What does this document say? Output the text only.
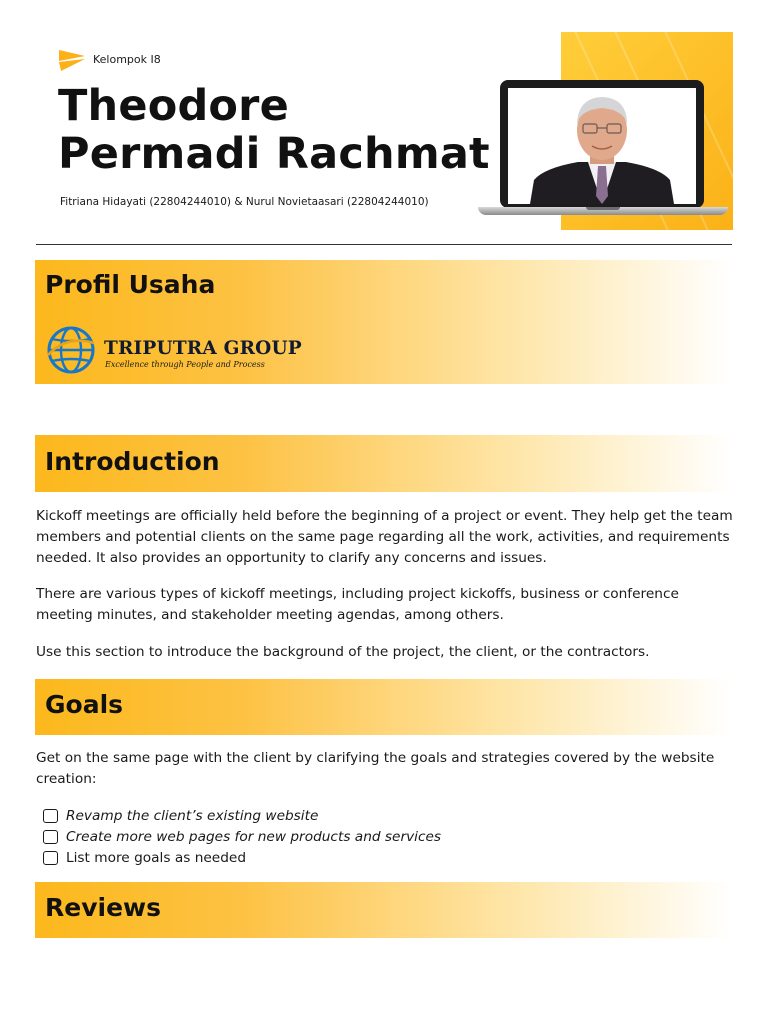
Kelompok I8
Theodore
Permadi Rachmat
Fitriana Hidayati (22804244010) & Nurul Novietaasari (22804244010)
Profil Usaha
TRIPUTRA GROUP
Excellence through People and Process
Introduction

Kickoff meetings are officially held before the beginning of a project or event. They help get the team members and potential clients on the same page regarding all the work, activities, and requirements needed. It also provides an opportunity to clarify any concerns and issues.

There are various types of kickoff meetings, including project kickoffs, business or conference meeting minutes, and stakeholder meeting agendas, among others.

Use this section to introduce the background of the project, the client, or the contractors.

Goals

Get on the same page with the client by clarifying the goals and strategies covered by the website creation:

Revamp the client’s existing website
Create more web pages for new products and services
List more goals as needed
Reviews
